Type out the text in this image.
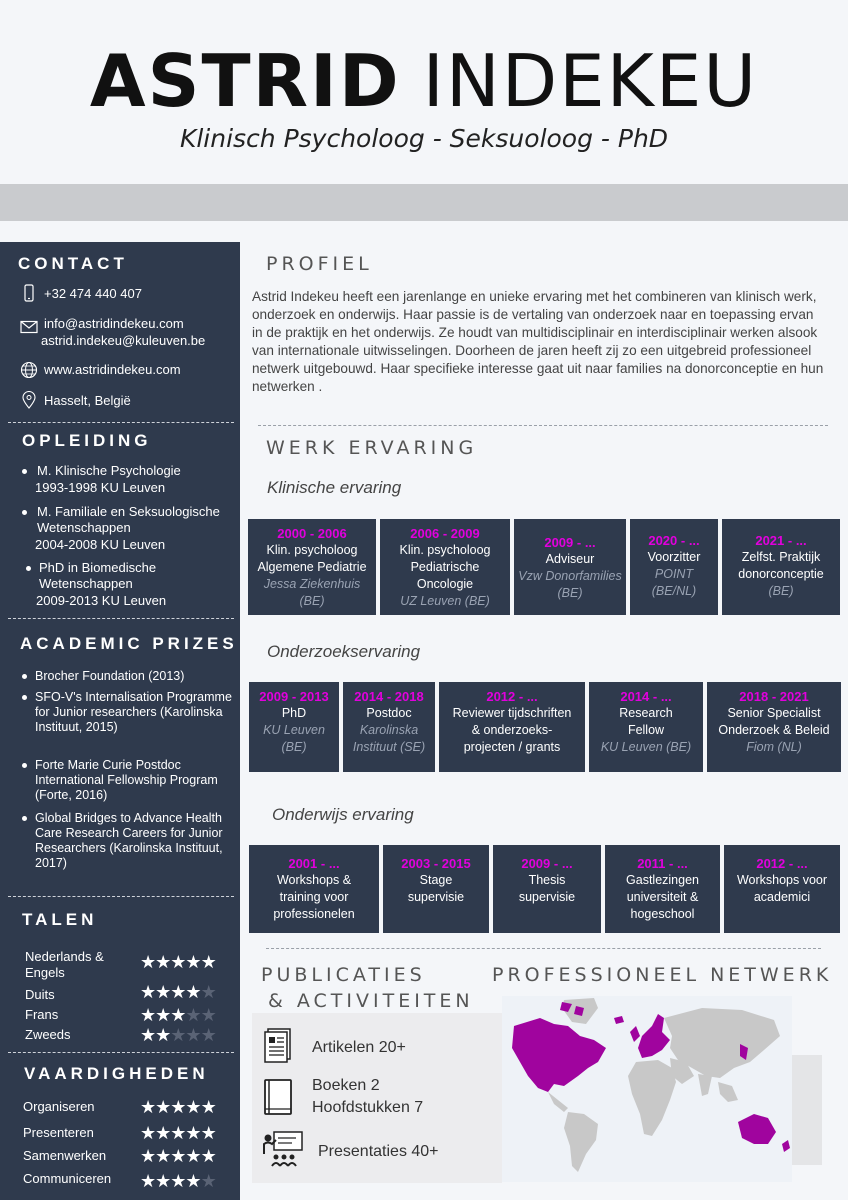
ASTRID INDEKEU
Klinisch Psycholoog - Seksuoloog - PhD
CONTACT
+32 474 440 407
info@astridindekeu.com
astrid.indekeu@kuleuven.be
www.astridindekeu.com
Hasselt, België
OPLEIDING
M. Klinische Psychologie
1993-1998 KU Leuven
M. Familiale en Seksuologische Wetenschappen
2004-2008 KU Leuven
PhD in Biomedische Wetenschappen
2009-2013 KU Leuven
ACADEMIC PRIZES
Brocher Foundation (2013)
SFO-V's Internalisation Programme for Junior researchers (Karolinska Instituut, 2015)
Forte Marie Curie Postdoc International Fellowship Program (Forte, 2016)
Global Bridges to Advance Health Care Research Careers for Junior Researchers (Karolinska Instituut, 2017)
TALEN
Nederlands & Engels
★★★★★
Duits	★★★★★
Frans	★★★★★
Zweeds	★★★★★
VAARDIGHEDEN
Organiseren	★★★★★
Presenteren	★★★★★
Samenwerken ★★★★★
Communiceren ★★★★★
PROFIEL
Astrid Indekeu heeft een jarenlange en unieke ervaring met het combineren van klinisch werk, onderzoek en onderwijs. Haar passie is de vertaling van onderzoek naar en toepassing ervan in de praktijk en het onderwijs. Ze houdt van multidisciplinair en interdisciplinair werken alsook van internationale uitwisselingen. Doorheen de jaren heeft zij zo een uitgebreid professioneel netwerk uitgebouwd. Haar specifieke interesse gaat uit naar families na donorconceptie en hun netwerken .
WERK ERVARING
Klinische ervaring
2000 - 2006
Klin. psycholoog
Algemene Pediatrie
Jessa Ziekenhuis
(BE)
2006 - 2009
Klin. psycholoog
Pediatrische
Oncologie
UZ Leuven (BE)
2009 - ...
Adviseur
Vzw Donorfamilies
(BE)
2020 - ...
Voorzitter
POINT
(BE/NL)
2021 - ...
Zelfst. Praktijk
donorconceptie
(BE)
Onderzoekservaring
2009 - 2013
PhD
KU Leuven
(BE)
2014 - 2018
Postdoc
Karolinska
Instituut (SE)
2012 - ...
Reviewer tijdschriften
& onderzoeks-
projecten / grants
2014 - ...
Research
Fellow
KU Leuven (BE)
2018 - 2021
Senior Specialist
Onderzoek & Beleid
Fiom (NL)
Onderwijs ervaring
2001 - ...
Workshops &
training voor
professionelen
2003 - 2015
Stage
supervisie
2009 - ...
Thesis
supervisie
2011 - ...
Gastlezingen
universiteit &
hogeschool
2012 - ...
Workshops voor
academici
PUBLICATIES
& ACTIVITEITEN
Artikelen 20+
Boeken 2
Hoofdstukken 7
Presentaties 40+
PROFESSIONEEL NETWERK
